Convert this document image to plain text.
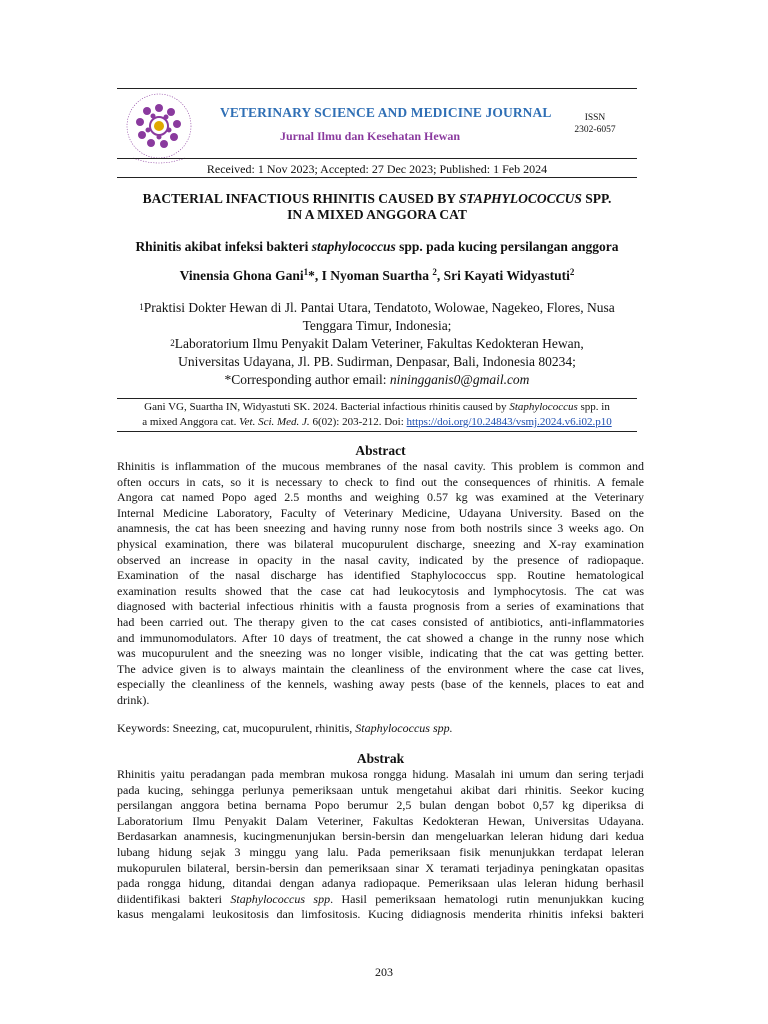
VETERINARY SCIENCE AND MEDICINE JOURNAL
Jurnal Ilmu dan Kesehatan Hewan
ISSN
2302-6057
Received: 1 Nov 2023; Accepted: 27 Dec 2023; Published: 1 Feb 2024
BACTERIAL INFACTIOUS RHINITIS CAUSED BY STAPHYLOCOCCUS SPP.
IN A MIXED ANGGORA CAT
Rhinitis akibat infeksi bakteri staphylococcus spp. pada kucing persilangan anggora
Vinensia Ghona Gani$^1$*, I Nyoman Suartha $^2$, Sri Kayati Widyastuti$^2$
$^1$Praktisi Dokter Hewan di Jl. Pantai Utara, Tendatoto, Wolowae, Nagekeo, Flores, Nusa
Tenggara Timur, Indonesia;
$^2$Laboratorium Ilmu Penyakit Dalam Veteriner, Fakultas Kedokteran Hewan,
Universitas Udayana, Jl. PB. Sudirman, Denpasar, Bali, Indonesia 80234;
*Corresponding author email: niningganis0@gmail.com
Gani VG, Suartha IN, Widyastuti SK. 2024. Bacterial infactious rhinitis caused by Staphylococcus spp. in
a mixed Anggora cat. Vet. Sci. Med. J. 6(02): 203-212. Doi: https://doi.org/10.24843/vsmj.2024.v6.i02.p10
Abstract
Rhinitis is inflammation of the mucous membranes of the nasal cavity. This problem is common and
often occurs in cats, so it is necessary to check to find out the consequences of rhinitis. A female
Angora cat named Popo aged 2.5 months and weighing 0.57 kg was examined at the Veterinary
Internal Medicine Laboratory, Faculty of Veterinary Medicine, Udayana University. Based on the
anamnesis, the cat has been sneezing and having runny nose from both nostrils since 3 weeks ago. On
physical examination, there was bilateral mucopurulent discharge, sneezing and X-ray examination
observed an increase in opacity in the nasal cavity, indicated by the presence of radiopaque.
Examination of the nasal discharge has identified Staphylococcus spp. Routine hematological
examination results showed that the case cat had leukocytosis and lymphocytosis. The cat was
diagnosed with bacterial infectious rhinitis with a fausta prognosis from a series of examinations that
had been carried out. The therapy given to the cat cases consisted of antibiotics, anti-inflammatories
and immunomodulators. After 10 days of treatment, the cat showed a change in the runny nose which
was mucopurulent and the sneezing was no longer visible, indicating that the cat was getting better.
The advice given is to always maintain the cleanliness of the environment where the case cat lives,
especially the cleanliness of the kennels, washing away pests (base of the kennels, places to eat and
drink).
Keywords: Sneezing, cat, mucopurulent, rhinitis, Staphylococcus spp.
Abstrak
Rhinitis yaitu peradangan pada membran mukosa rongga hidung. Masalah ini umum dan sering terjadi
pada kucing, sehingga perlunya pemeriksaan untuk mengetahui akibat dari rhinitis. Seekor kucing
persilangan anggora betina bernama Popo berumur 2,5 bulan dengan bobot 0,57 kg diperiksa di
Laboratorium Ilmu Penyakit Dalam Veteriner, Fakultas Kedokteran Hewan, Universitas Udayana.
Berdasarkan anamnesis, kucingmenunjukan bersin-bersin dan mengeluarkan leleran hidung dari kedua
lubang hidung sejak 3 minggu yang lalu. Pada pemeriksaan fisik menunjukkan terdapat leleran
mukopurulen bilateral, bersin-bersin dan pemeriksaan sinar X teramati terjadinya peningkatan opasitas
pada rongga hidung, ditandai dengan adanya radiopaque. Pemeriksaan ulas leleran hidung berhasil
diidentifikasi bakteri Staphylococcus spp. Hasil pemeriksaan hematologi rutin menunjukkan kucing
kasus mengalami leukositosis dan limfositosis. Kucing didiagnosis menderita rhinitis infeksi bakteri
203
